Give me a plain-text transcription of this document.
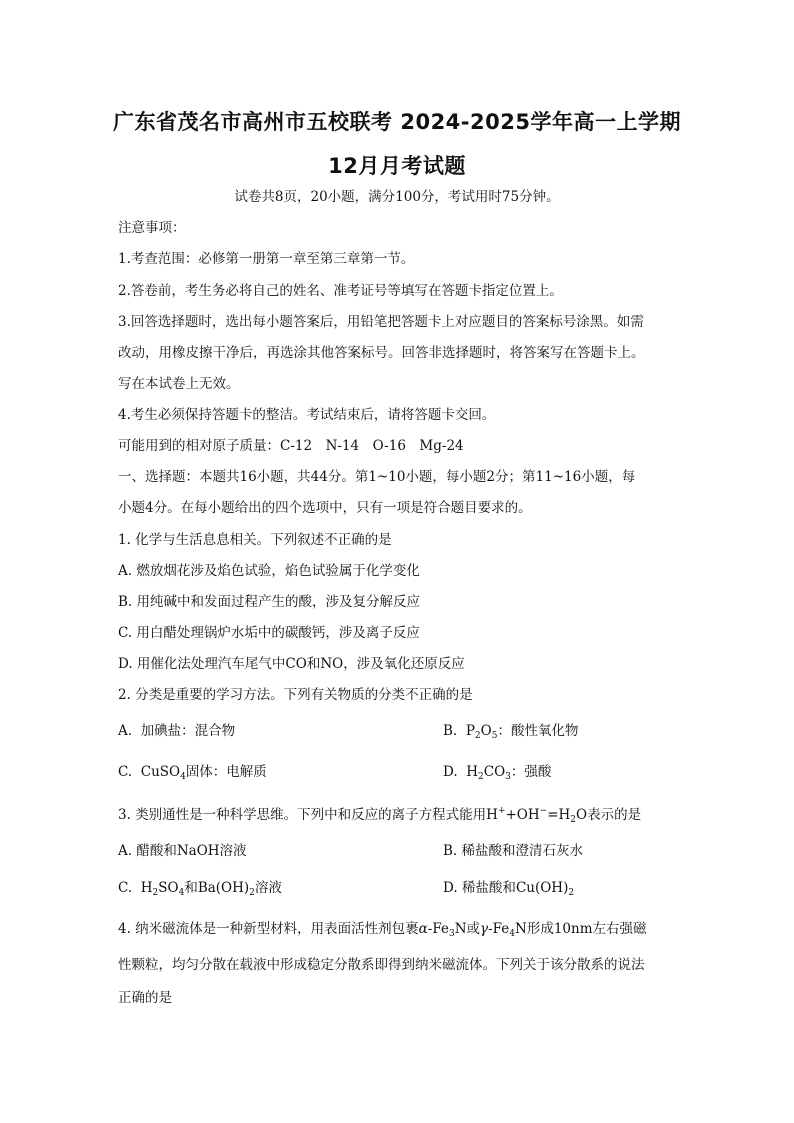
广东省茂名市高州市五校联考 2024-2025学年高一上学期
12月月考试题
试卷共8页，20小题，满分100分，考试用时75分钟。
注意事项：
1.考查范围：必修第一册第一章至第三章第一节。
2.答卷前，考生务必将自己的姓名、准考证号等填写在答题卡指定位置上。
3.回答选择题时，选出每小题答案后，用铅笔把答题卡上对应题目的答案标号涂黑。如需
改动，用橡皮擦干净后，再选涂其他答案标号。回答非选择题时，将答案写在答题卡上。
写在本试卷上无效。
4.考生必须保持答题卡的整洁。考试结束后，请将答题卡交回。
可能用到的相对原子质量：C-12　N-14　O-16　Mg-24
一、选择题：本题共16小题，共44分。第1~10小题，每小题2分；第11~16小题，每
小题4分。在每小题给出的四个选项中，只有一项是符合题目要求的。
1. 化学与生活息息相关。下列叙述不正确的是
A. 燃放烟花涉及焰色试验，焰色试验属于化学变化
B. 用纯碱中和发面过程产生的酸，涉及复分解反应
C. 用白醋处理锅炉水垢中的碳酸钙，涉及离子反应
D. 用催化法处理汽车尾气中CO和NO，涉及氧化还原反应
2. 分类是重要的学习方法。下列有关物质的分类不正确的是
A. 加碘盐：混合物	B. $P_2O_5$：酸性氧化物
C. CuSO$_4$固体：电解质	D. $H_2CO_3$：强酸
3. 类别通性是一种科学思维。下列中和反应的离子方程式能用$H^++OH^-=H_2O$表示的是
A. 醋酸和NaOH溶液	B. 稀盐酸和澄清石灰水
C. $H_2SO_4$和$Ba(OH)_2$溶液	D. 稀盐酸和$Cu(OH)_2$
4. 纳米磁流体是一种新型材料，用表面活性剂包裹$\alpha-Fe_3N$或$\gamma-Fe_4N$形成10nm左右强磁
性颗粒，均匀分散在载液中形成稳定分散系即得到纳米磁流体。下列关于该分散系的说法
正确的是
